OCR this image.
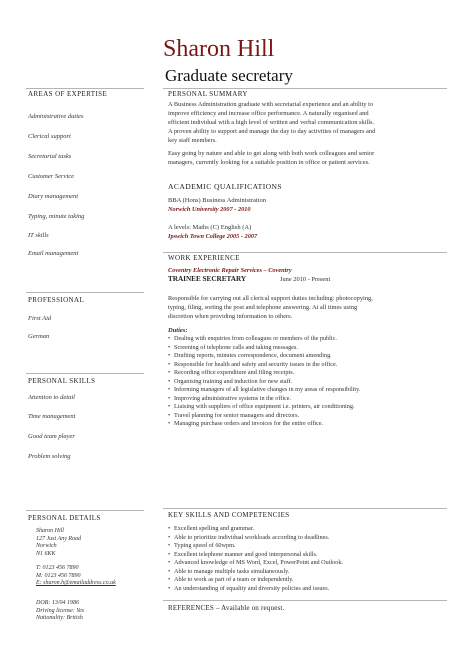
Sharon Hill
Graduate secretary
AREAS OF EXPERTISE
Administrative duties
Clerical support
Secretarial tasks
Customer Service
Diary management
Typing, minute taking
IT skills
Email management
PROFESSIONAL
First Aid
German
PERSONAL SKILLS
Attention to detail
Time management
Good team player
Problem solving
PERSONAL DETAILS
Sharon Hill
127 Just Any Road
Norwich
N1 6KK
T: 0123 456 7890
M: 0123 456 7890
E: sharon.h@emailaddress.co.uk
DOB: 13/04 1986
Driving license: Yes
Nationality: British
PERSONAL SUMMARY
A Business Administration graduate with secretarial experience and an ability to
improve efficiency and increase office performance. A naturally organised and
efficient individual with a high level of written and verbal communication skills.
A proven ability to support and manage the day to day activities of managers and
key staff members.
Easy going by nature and able to get along with both work colleagues and senior
managers, currently looking for a suitable position in office or patient services.
ACADEMIC QUALIFICATIONS
BBA (Hons) Business Administration
Norwich University 2007 - 2010
A levels: Maths (C) English (A)
Ipswich Town College 2005 - 2007
WORK EXPERIENCE
Coventry Electronic Repair Services – Coventry
TRAINEE SECRETARY	June 2010 - Present
Responsible for carrying out all clerical support duties including: photocopying,
typing, filing, sorting the post and telephone answering. At all times using
discretion when providing information to others.
Duties:
• Dealing with enquiries from colleagues or members of the public.
• Screening of telephone calls and taking messages.
• Drafting reports, minutes correspondence, document amending.
• Responsible for health and safety and security issues in the office.
• Recording office expenditure and filing receipts.
• Organising training and induction for new staff.
• Informing managers of all legislative changes in my areas of responsibility.
• Improving administrative systems in the office.
• Liaising with suppliers of office equipment i.e. printers, air conditioning.
• Travel planning for senior managers and directors.
• Managing purchase orders and invoices for the entire office.
KEY SKILLS AND COMPETENCIES
• Excellent spelling and grammar.
• Able to prioritize individual workloads according to deadlines.
• Typing speed of 60wpm.
• Excellent telephone manner and good interpersonal skills.
• Advanced knowledge of MS Word, Excel, PowerPoint and Outlook.
• Able to manage multiple tasks simultaneously.
• Able to work as part of a team or independently.
• An understanding of equality and diversity policies and issues.
REFERENCES – Available on request.
